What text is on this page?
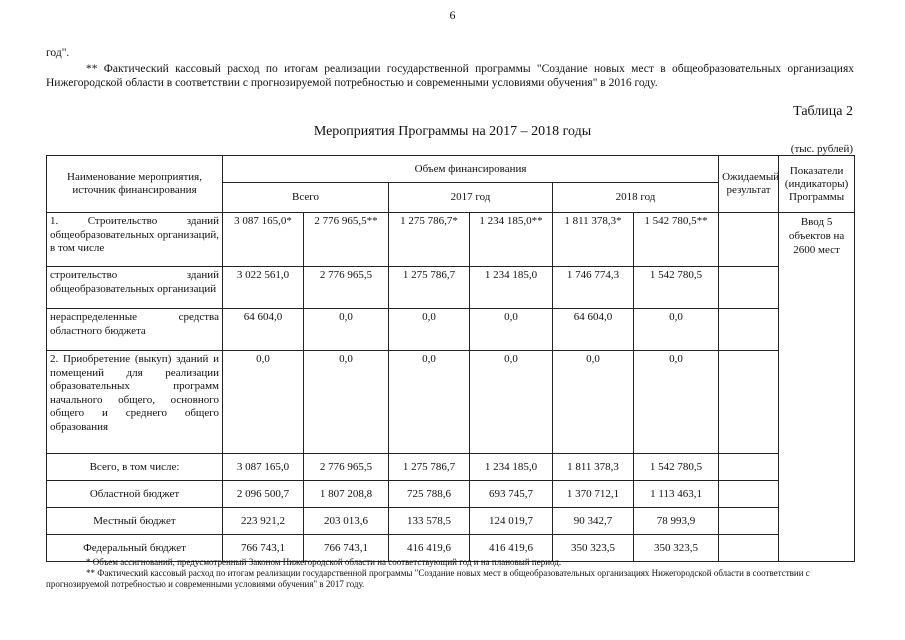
6
год".
** Фактический кассовый расход по итогам реализации государственной программы "Создание новых мест в общеобразовательных организациях Нижегородской области в соответствии с прогнозируемой потребностью и современными условиями обучения" в 2016 году.
Таблица 2
Мероприятия Программы на 2017 – 2018 годы
(тыс. рублей)
Наименование мероприятия, источник финансирования	Объем финансирования						Ожидаемый результат	Показатели (индикаторы) Программы
	Всего		2017 год		2018 год			
1. Строительство зданий общеобразовательных организаций, в том числе	3 087 165,0*	2 776 965,5**	1 275 786,7*	1 234 185,0**	1 811 378,3*	1 542 780,5**		Ввод 5 объектов на 2600 мест
строительство зданий общеобразовательных организаций	3 022 561,0	2 776 965,5	1 275 786,7	1 234 185,0	1 746 774,3	1 542 780,5		
нераспределенные средства областного бюджета	64 604,0	0,0	0,0	0,0	64 604,0	0,0		
2. Приобретение (выкуп) зданий и помещений для реализации образовательных программ начального общего, основного общего и среднего общего образования	0,0	0,0	0,0	0,0	0,0	0,0		
Всего, в том числе:	3 087 165,0	2 776 965,5	1 275 786,7	1 234 185,0	1 811 378,3	1 542 780,5		
Областной бюджет	2 096 500,7	1 807 208,8	725 788,6	693 745,7	1 370 712,1	1 113 463,1		
Местный бюджет	223 921,2	203 013,6	133 578,5	124 019,7	90 342,7	78 993,9		
Федеральный бюджет	766 743,1	766 743,1	416 419,6	416 419,6	350 323,5	350 323,5		
* Объем ассигнований, предусмотренный Законом Нижегородской области на соответствующий год и на плановый период.
** Фактический кассовый расход по итогам реализации государственной программы "Создание новых мест в общеобразовательных организациях Нижегородской области в соответствии с прогнозируемой потребностью и современными условиями обучения" в 2017 году.
